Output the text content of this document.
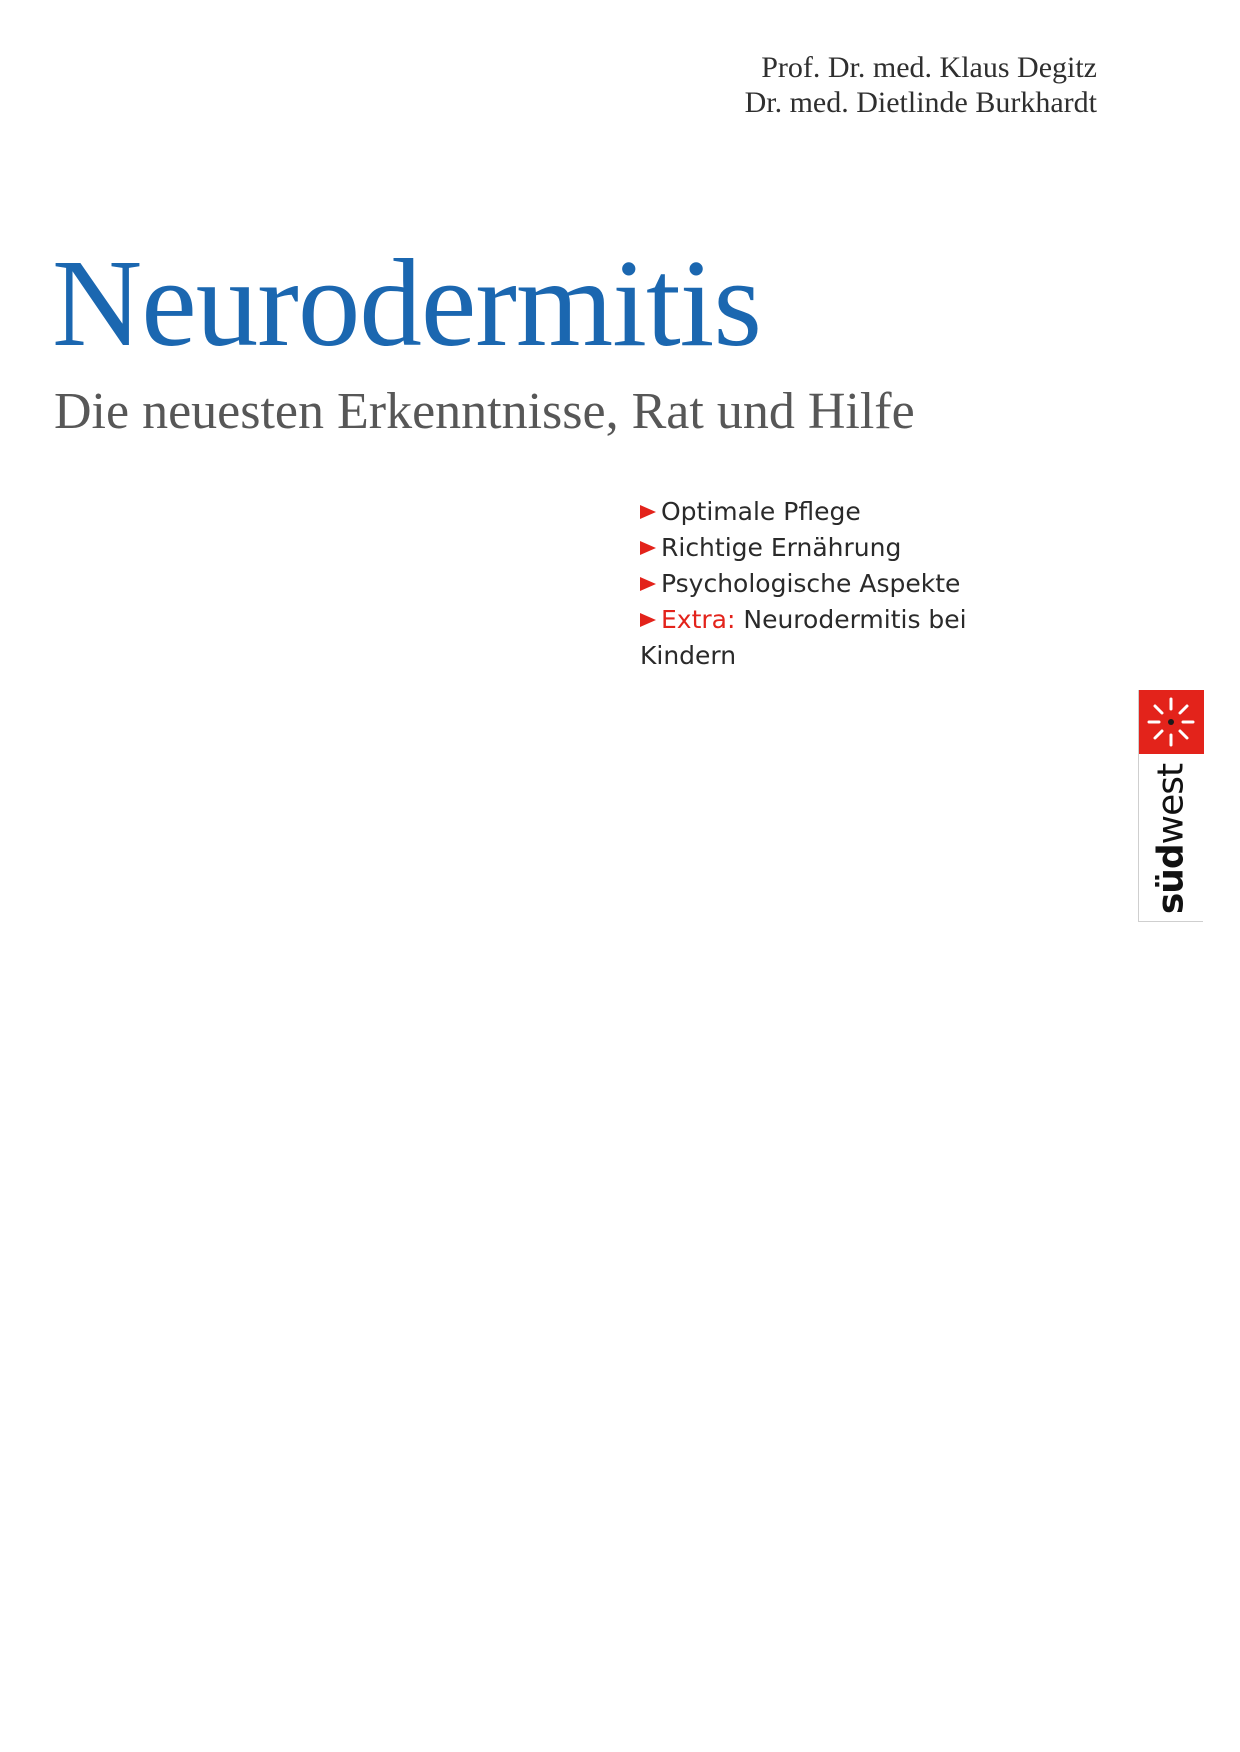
Prof. Dr. med. Klaus Degitz
Dr. med. Dietlinde Burkhardt
Neurodermitis
Die neuesten Erkenntnisse, Rat und Hilfe
Optimale Pflege
Richtige Ernährung
Psychologische Aspekte
Extra: Neurodermitis bei Kindern
südwest
